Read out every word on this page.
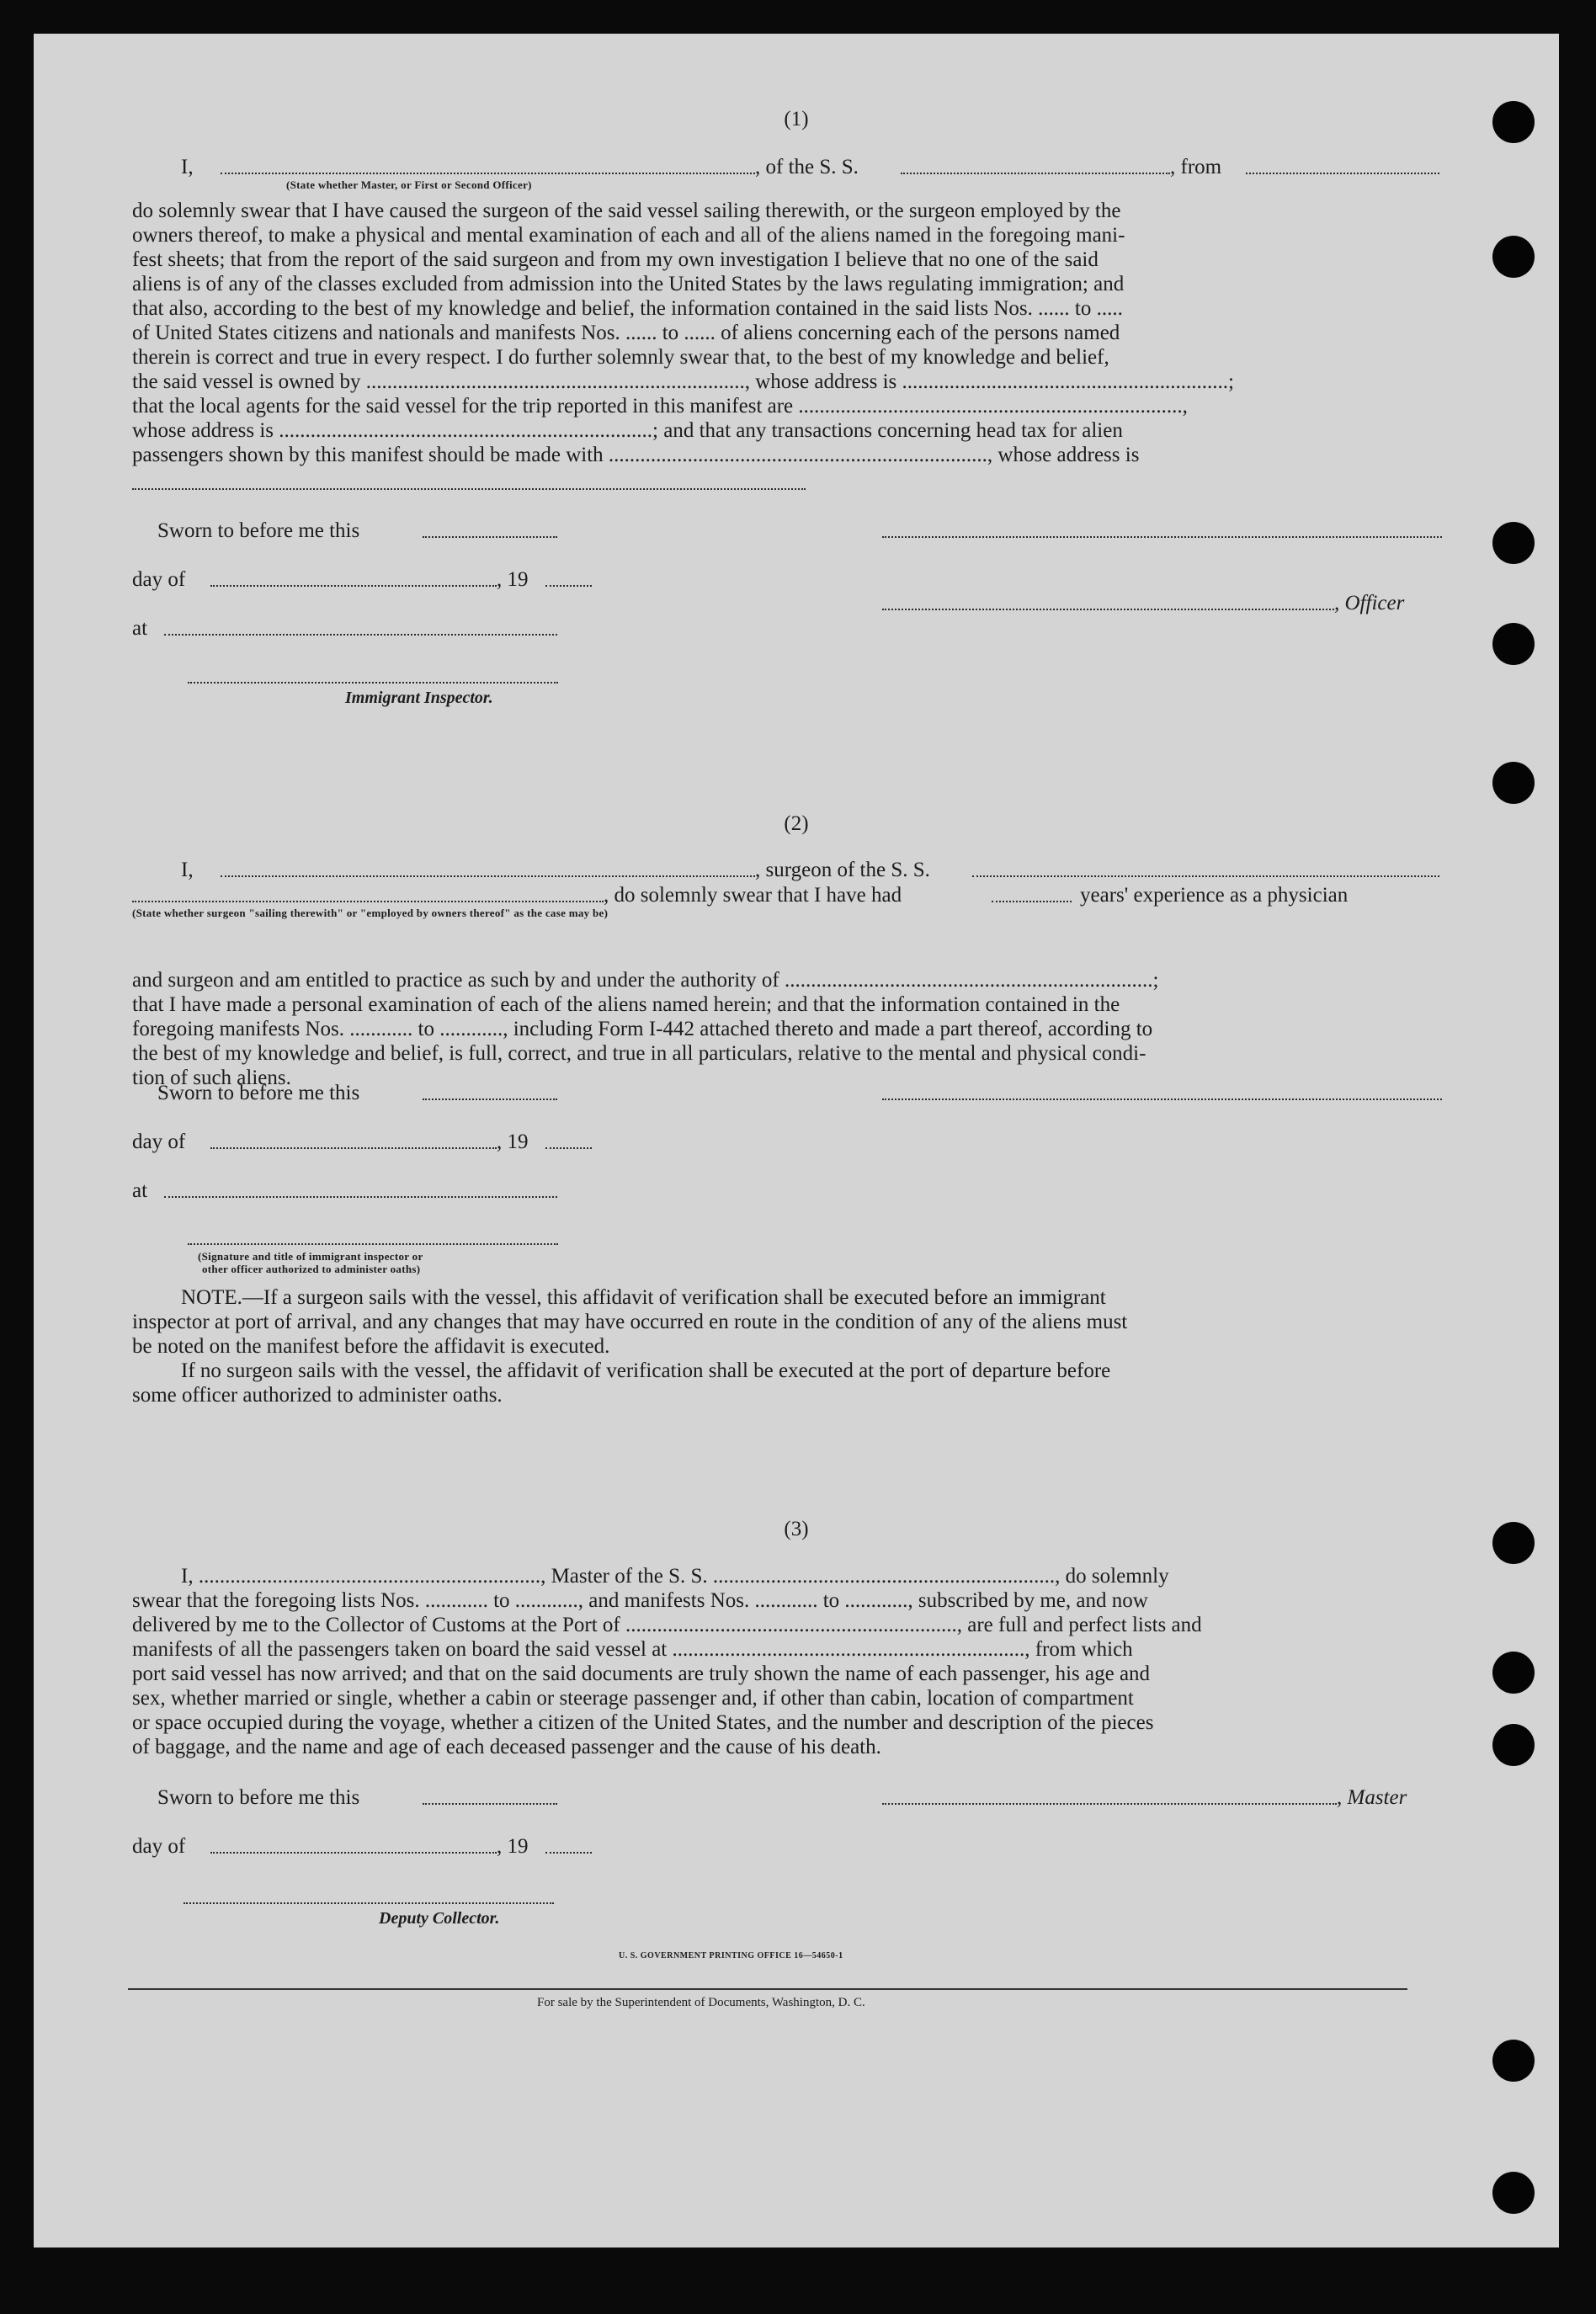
(1)
I,	, of the S. S.	, from
(State whether Master, or First or Second Officer)
do solemnly swear that I have caused the surgeon of the said vessel sailing therewith, or the surgeon employed by the
owners thereof, to make a physical and mental examination of each and all of the aliens named in the foregoing mani-
fest sheets; that from the report of the said surgeon and from my own investigation I believe that no one of the said
aliens is of any of the classes excluded from admission into the United States by the laws regulating immigration; and
that also, according to the best of my knowledge and belief, the information contained in the said lists Nos. ...... to .....
of United States citizens and nationals and manifests Nos. ...... to ...... of aliens concerning each of the persons named
therein is correct and true in every respect. I do further solemnly swear that, to the best of my knowledge and belief,
the said vessel is owned by ........................................................................, whose address is ..............................................................;
that the local agents for the said vessel for the trip reported in this manifest are .........................................................................,
whose address is .......................................................................; and that any transactions concerning head tax for alien
passengers shown by this manifest should be made with ........................................................................, whose address is
Sworn to before me this
day of	, 19
, Officer
at
Immigrant Inspector.
(2)
I,	, surgeon of the S. S.
, do solemnly swear that I have had	years' experience as a physician
(State whether surgeon "sailing therewith" or "employed by owners thereof" as the case may be)
and surgeon and am entitled to practice as such by and under the authority of ......................................................................;
that I have made a personal examination of each of the aliens named herein; and that the information contained in the
foregoing manifests Nos. ............ to ............, including Form I-442 attached thereto and made a part thereof, according to
the best of my knowledge and belief, is full, correct, and true in all particulars, relative to the mental and physical condi-
tion of such aliens.
Sworn to before me this
day of	, 19
at
(Signature and title of immigrant inspector or
other officer authorized to administer oaths)
NOTE.—If a surgeon sails with the vessel, this affidavit of verification shall be executed before an immigrant
inspector at port of arrival, and any changes that may have occurred en route in the condition of any of the aliens must
be noted on the manifest before the affidavit is executed.
If no surgeon sails with the vessel, the affidavit of verification shall be executed at the port of departure before
some officer authorized to administer oaths.
(3)
I, ................................................................., Master of the S. S. ................................................................., do solemnly
swear that the foregoing lists Nos. ............ to ............, and manifests Nos. ............ to ............, subscribed by me, and now
delivered by me to the Collector of Customs at the Port of ..............................................................., are full and perfect lists and
manifests of all the passengers taken on board the said vessel at ..................................................................., from which
port said vessel has now arrived; and that on the said documents are truly shown the name of each passenger, his age and
sex, whether married or single, whether a cabin or steerage passenger and, if other than cabin, location of compartment
or space occupied during the voyage, whether a citizen of the United States, and the number and description of the pieces
of baggage, and the name and age of each deceased passenger and the cause of his death.
Sworn to before me this	, Master
day of	, 19
Deputy Collector.
U. S. GOVERNMENT PRINTING OFFICE 16—54650-1
For sale by the Superintendent of Documents, Washington, D. C.
